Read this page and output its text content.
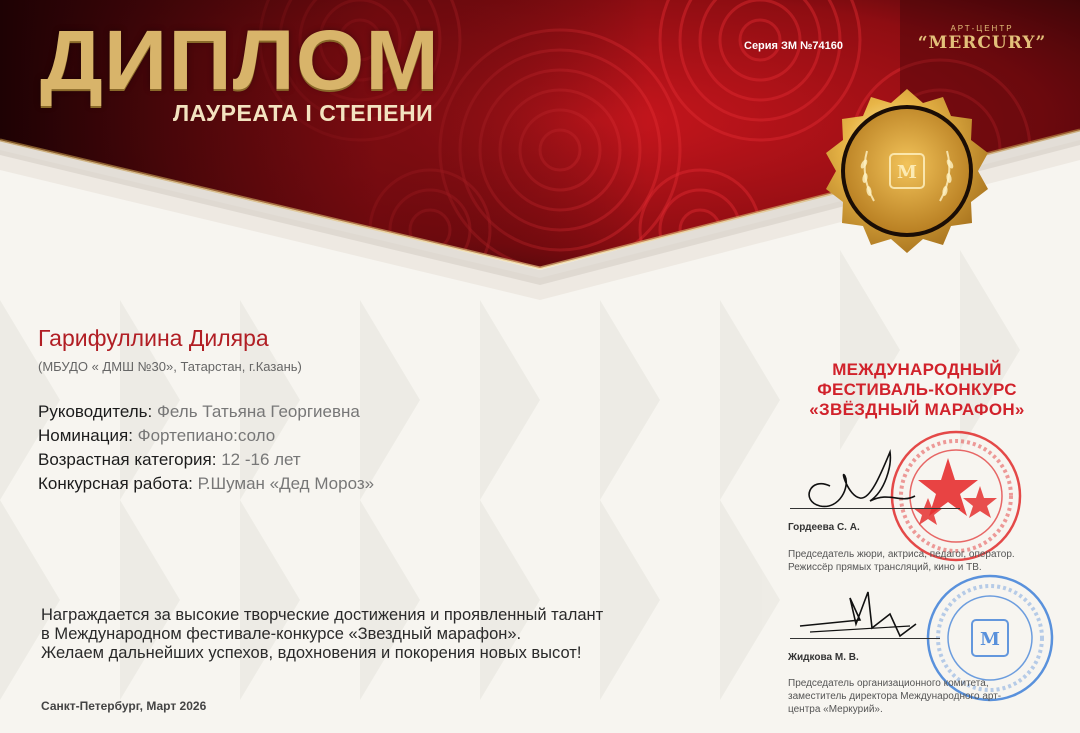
ДИПЛОМ
ЛАУРЕАТА I СТЕПЕНИ
Серия ЗМ №74160
АРТ-ЦЕНТР
“MERCURY”
M
Гарифуллина Диляра
(МБУДО « ДМШ №30», Татарстан, г.Казань)
Руководитель: Фель Татьяна Георгиевна
Номинация: Фортепиано:соло
Возрастная категория: 12 -16 лет
Конкурсная работа: Р.Шуман «Дед Мороз»
Награждается за высокие творческие достижения и проявленный талант
в Международном фестивале-конкурсе «Звездный марафон».
Желаем дальнейших успехов, вдохновения и покорения новых высот!
Санкт-Петербург, Март 2026
МЕЖДУНАРОДНЫЙ
ФЕСТИВАЛЬ-КОНКУРС
«ЗВЁЗДНЫЙ МАРАФОН»
M
Гордеева С. А.
Председатель жюри, актриса, педагог, оператор. Режиссёр прямых трансляций, кино и ТВ.
Жидкова М. В.
Председатель организационного комитета, заместитель директора Международного арт-центра «Меркурий».
